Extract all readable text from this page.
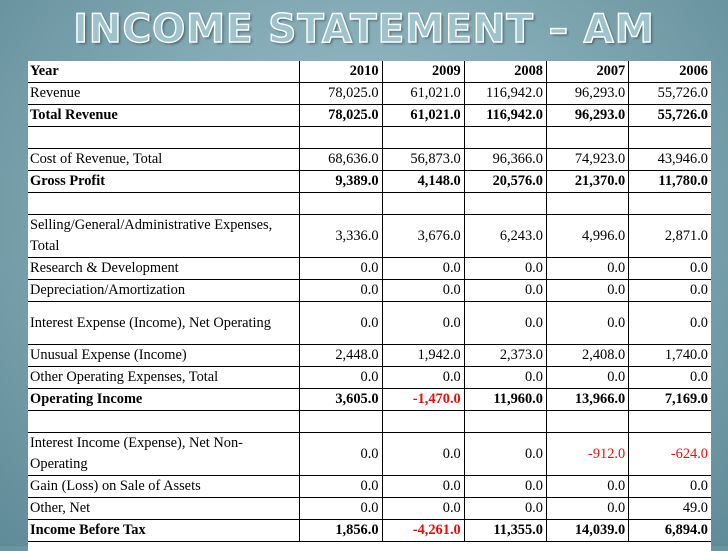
INCOME STATEMENT – AM
Year	2010	2009	2008	2007	2006
Revenue	78,025.0	61,021.0	116,942.0	96,293.0	55,726.0
Total Revenue	78,025.0	61,021.0	116,942.0	96,293.0	55,726.0

Cost of Revenue, Total	68,636.0	56,873.0	96,366.0	74,923.0	43,946.0
Gross Profit	9,389.0	4,148.0	20,576.0	21,370.0	11,780.0

Selling/General/Administrative Expenses, Total	3,336.0	3,676.0	6,243.0	4,996.0	2,871.0
Research & Development	0.0	0.0	0.0	0.0	0.0
Depreciation/Amortization	0.0	0.0	0.0	0.0	0.0
Interest Expense (Income), Net Operating	0.0	0.0	0.0	0.0	0.0
Unusual Expense (Income)	2,448.0	1,942.0	2,373.0	2,408.0	1,740.0
Other Operating Expenses, Total	0.0	0.0	0.0	0.0	0.0
Operating Income	3,605.0	-1,470.0	11,960.0	13,966.0	7,169.0

Interest Income (Expense), Net Non-Operating	0.0	0.0	0.0	-912.0	-624.0
Gain (Loss) on Sale of Assets	0.0	0.0	0.0	0.0	0.0
Other, Net	0.0	0.0	0.0	0.0	49.0
Income Before Tax	1,856.0	-4,261.0	11,355.0	14,039.0	6,894.0
